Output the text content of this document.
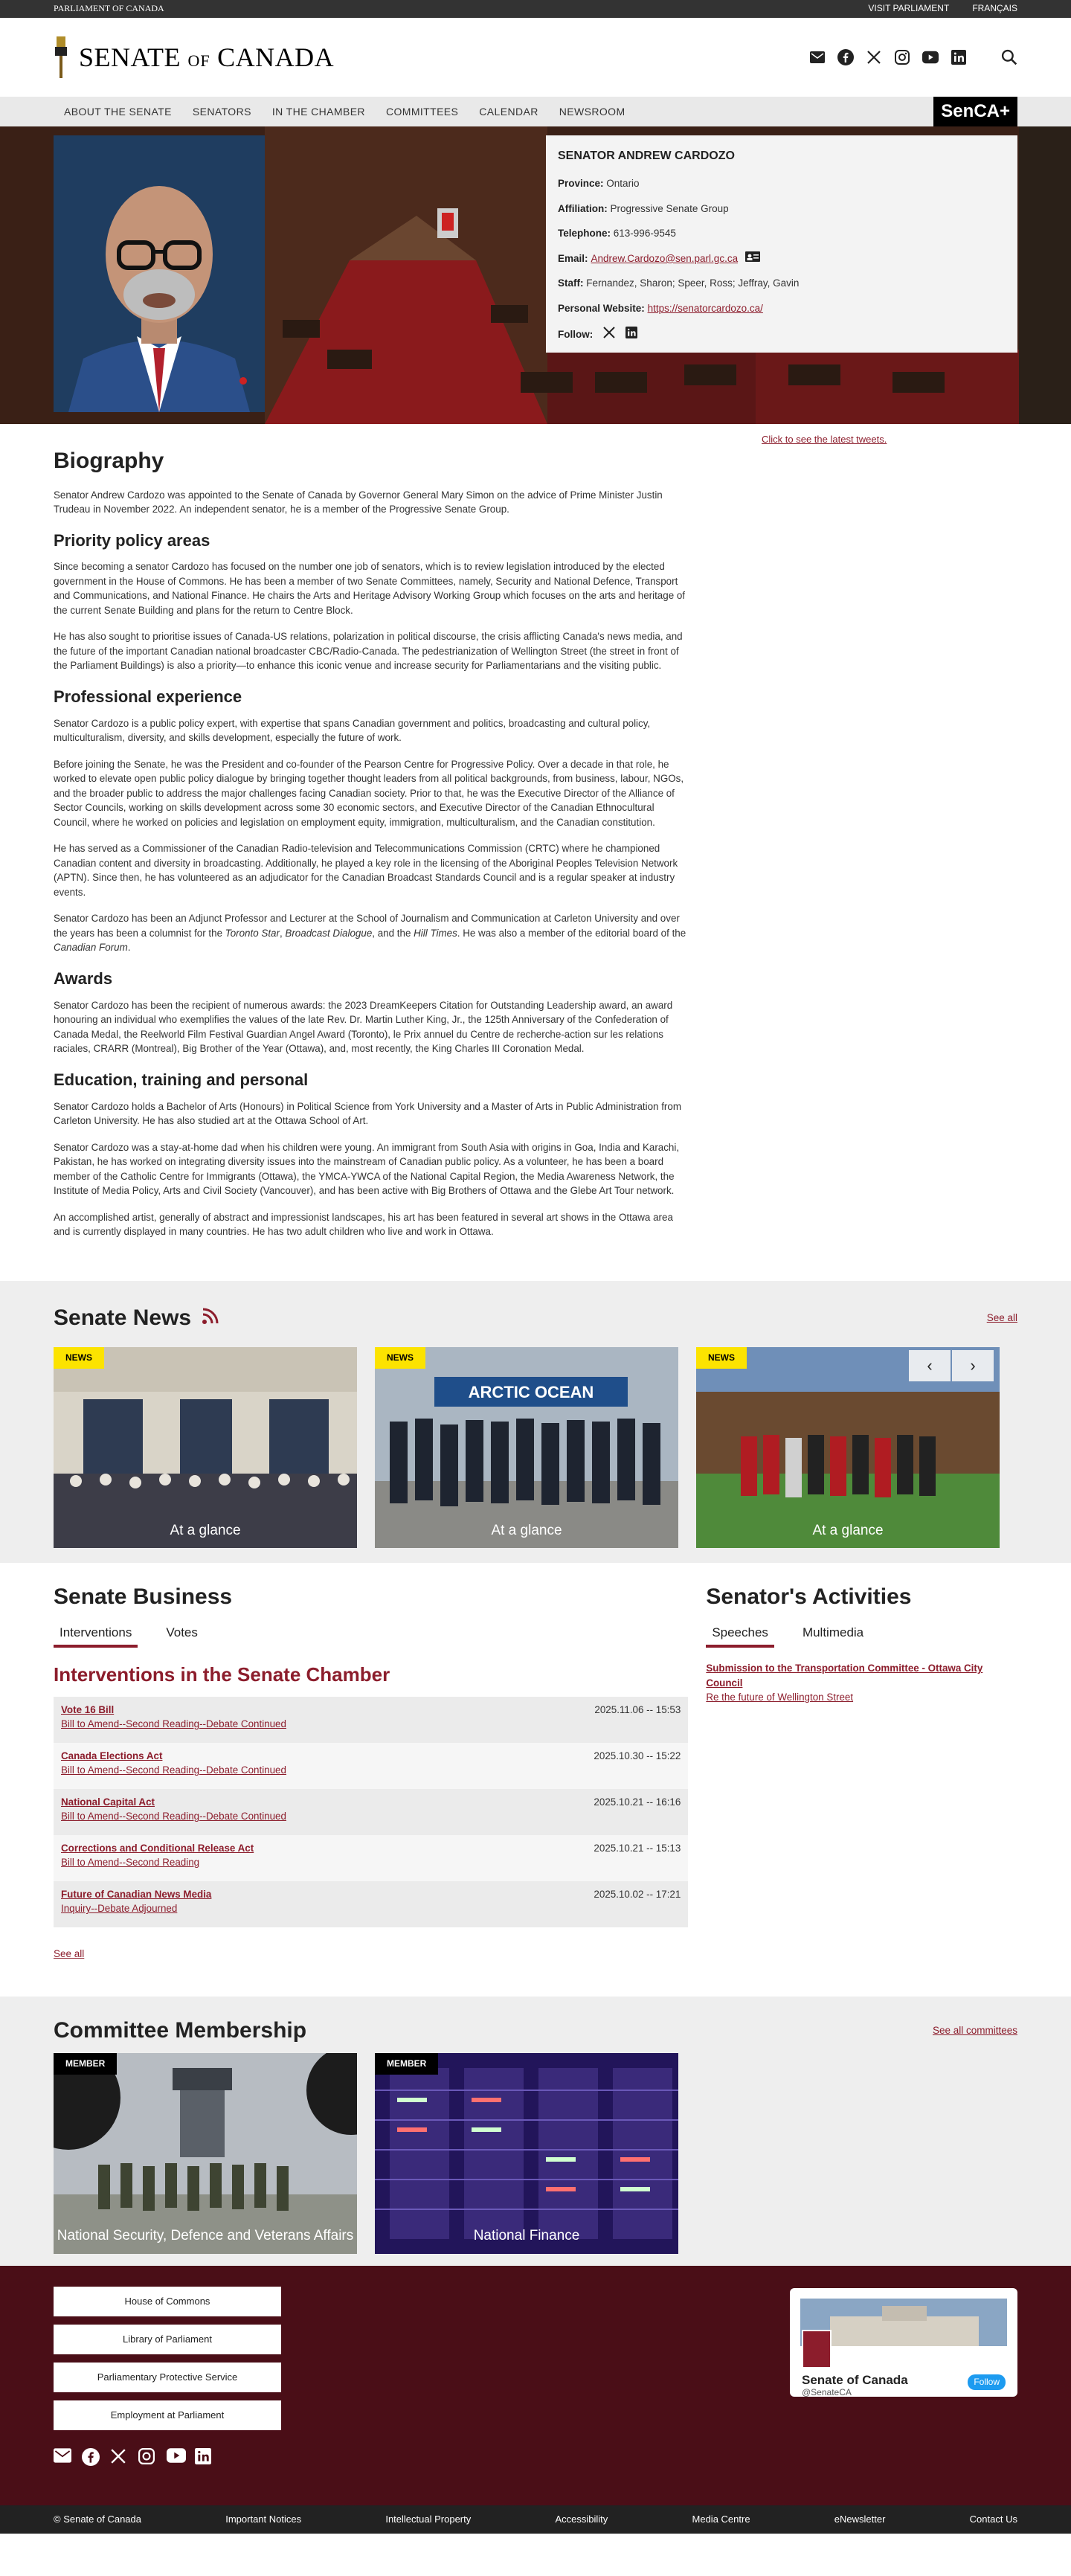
PARLIAMENT OF CANADA	VISIT PARLIAMENT	FRANÇAIS
SENATE OF CANADA
ABOUT THE SENATE	SENATORS	IN THE CHAMBER	COMMITTEES	CALENDAR	NEWSROOM	SenCA+
SENATOR ANDREW CARDOZO
Province: Ontario
Affiliation: Progressive Senate Group
Telephone: 613-996-9545
Email: Andrew.Cardozo@sen.parl.gc.ca
Staff: Fernandez, Sharon; Speer, Ross; Jeffray, Gavin
Personal Website: https://senatorcardozo.ca/
Follow:
Biography

Senator Andrew Cardozo was appointed to the Senate of Canada by Governor General Mary Simon on the advice of Prime Minister Justin Trudeau in November 2022. An independent senator, he is a member of the Progressive Senate Group.

Priority policy areas

Since becoming a senator Cardozo has focused on the number one job of senators, which is to review legislation introduced by the elected government in the House of Commons. He has been a member of two Senate Committees, namely, Security and National Defence, Transport and Communications, and National Finance. He chairs the Arts and Heritage Advisory Working Group which focuses on the arts and heritage of the current Senate Building and plans for the return to Centre Block.

He has also sought to prioritise issues of Canada-US relations, polarization in political discourse, the crisis afflicting Canada's news media, and the future of the important Canadian national broadcaster CBC/Radio-Canada. The pedestrianization of Wellington Street (the street in front of the Parliament Buildings) is also a priority—to enhance this iconic venue and increase security for Parliamentarians and the visiting public.

Professional experience

Senator Cardozo is a public policy expert, with expertise that spans Canadian government and politics, broadcasting and cultural policy, multiculturalism, diversity, and skills development, especially the future of work.

Before joining the Senate, he was the President and co-founder of the Pearson Centre for Progressive Policy. Over a decade in that role, he worked to elevate open public policy dialogue by bringing together thought leaders from all political backgrounds, from business, labour, NGOs, and the broader public to address the major challenges facing Canadian society. Prior to that, he was the Executive Director of the Alliance of Sector Councils, working on skills development across some 30 economic sectors, and Executive Director of the Canadian Ethnocultural Council, where he worked on policies and legislation on employment equity, immigration, multiculturalism, and the Canadian constitution.

He has served as a Commissioner of the Canadian Radio-television and Telecommunications Commission (CRTC) where he championed Canadian content and diversity in broadcasting. Additionally, he played a key role in the licensing of the Aboriginal Peoples Television Network (APTN). Since then, he has volunteered as an adjudicator for the Canadian Broadcast Standards Council and is a regular speaker at industry events.

Senator Cardozo has been an Adjunct Professor and Lecturer at the School of Journalism and Communication at Carleton University and over the years has been a columnist for the Toronto Star, Broadcast Dialogue, and the Hill Times. He was also a member of the editorial board of the Canadian Forum.

Awards

Senator Cardozo has been the recipient of numerous awards: the 2023 DreamKeepers Citation for Outstanding Leadership award, an award honouring an individual who exemplifies the values of the late Rev. Dr. Martin Luther King, Jr., the 125th Anniversary of the Confederation of Canada Medal, the Reelworld Film Festival Guardian Angel Award (Toronto), le Prix annuel du Centre de recherche-action sur les relations raciales, CRARR (Montreal), Big Brother of the Year (Ottawa), and, most recently, the King Charles III Coronation Medal.

Education, training and personal

Senator Cardozo holds a Bachelor of Arts (Honours) in Political Science from York University and a Master of Arts in Public Administration from Carleton University. He has also studied art at the Ottawa School of Art.

Senator Cardozo was a stay-at-home dad when his children were young. An immigrant from South Asia with origins in Goa, India and Karachi, Pakistan, he has worked on integrating diversity issues into the mainstream of Canadian public policy. As a volunteer, he has been a board member of the Catholic Centre for Immigrants (Ottawa), the YMCA-YWCA of the National Capital Region, the Media Awareness Network, the Institute of Media Policy, Arts and Civil Society (Vancouver), and has been active with Big Brothers of Ottawa and the Glebe Art Tour network.

An accomplished artist, generally of abstract and impressionist landscapes, his art has been featured in several art shows in the Ottawa area and is currently displayed in many countries. He has two adult children who live and work in Ottawa.

Click to see the latest tweets.
Senate News	See all
NEWS
At a glance
ARCTIC OCEAN
NEWS
At a glance
NEWS
At a glance
‹	›
Senate Business
Interventions	Votes
Interventions in the Senate Chamber
Vote 16 Bill
Bill to Amend--Second Reading--Debate Continued
2025.11.06 -- 15:53
Canada Elections Act
Bill to Amend--Second Reading--Debate Continued
2025.10.30 -- 15:22
National Capital Act
Bill to Amend--Second Reading--Debate Continued
2025.10.21 -- 16:16
Corrections and Conditional Release Act
Bill to Amend--Second Reading
2025.10.21 -- 15:13
Future of Canadian News Media
Inquiry--Debate Adjourned
2025.10.02 -- 17:21
See all
Senator's Activities
Speeches	Multimedia
Submission to the Transportation Committee - Ottawa City Council
Re the future of Wellington Street
Committee Membership	See all committees
MEMBER
National Security, Defence and Veterans Affairs
MEMBER
National Finance
House of Commons
Library of Parliament
Parliamentary Protective Service
Employment at Parliament
Follow
Senate of Canada
@SenateCA
© Senate of Canada	Important Notices	Intellectual Property	Accessibility	Media Centre	eNewsletter	Contact Us
